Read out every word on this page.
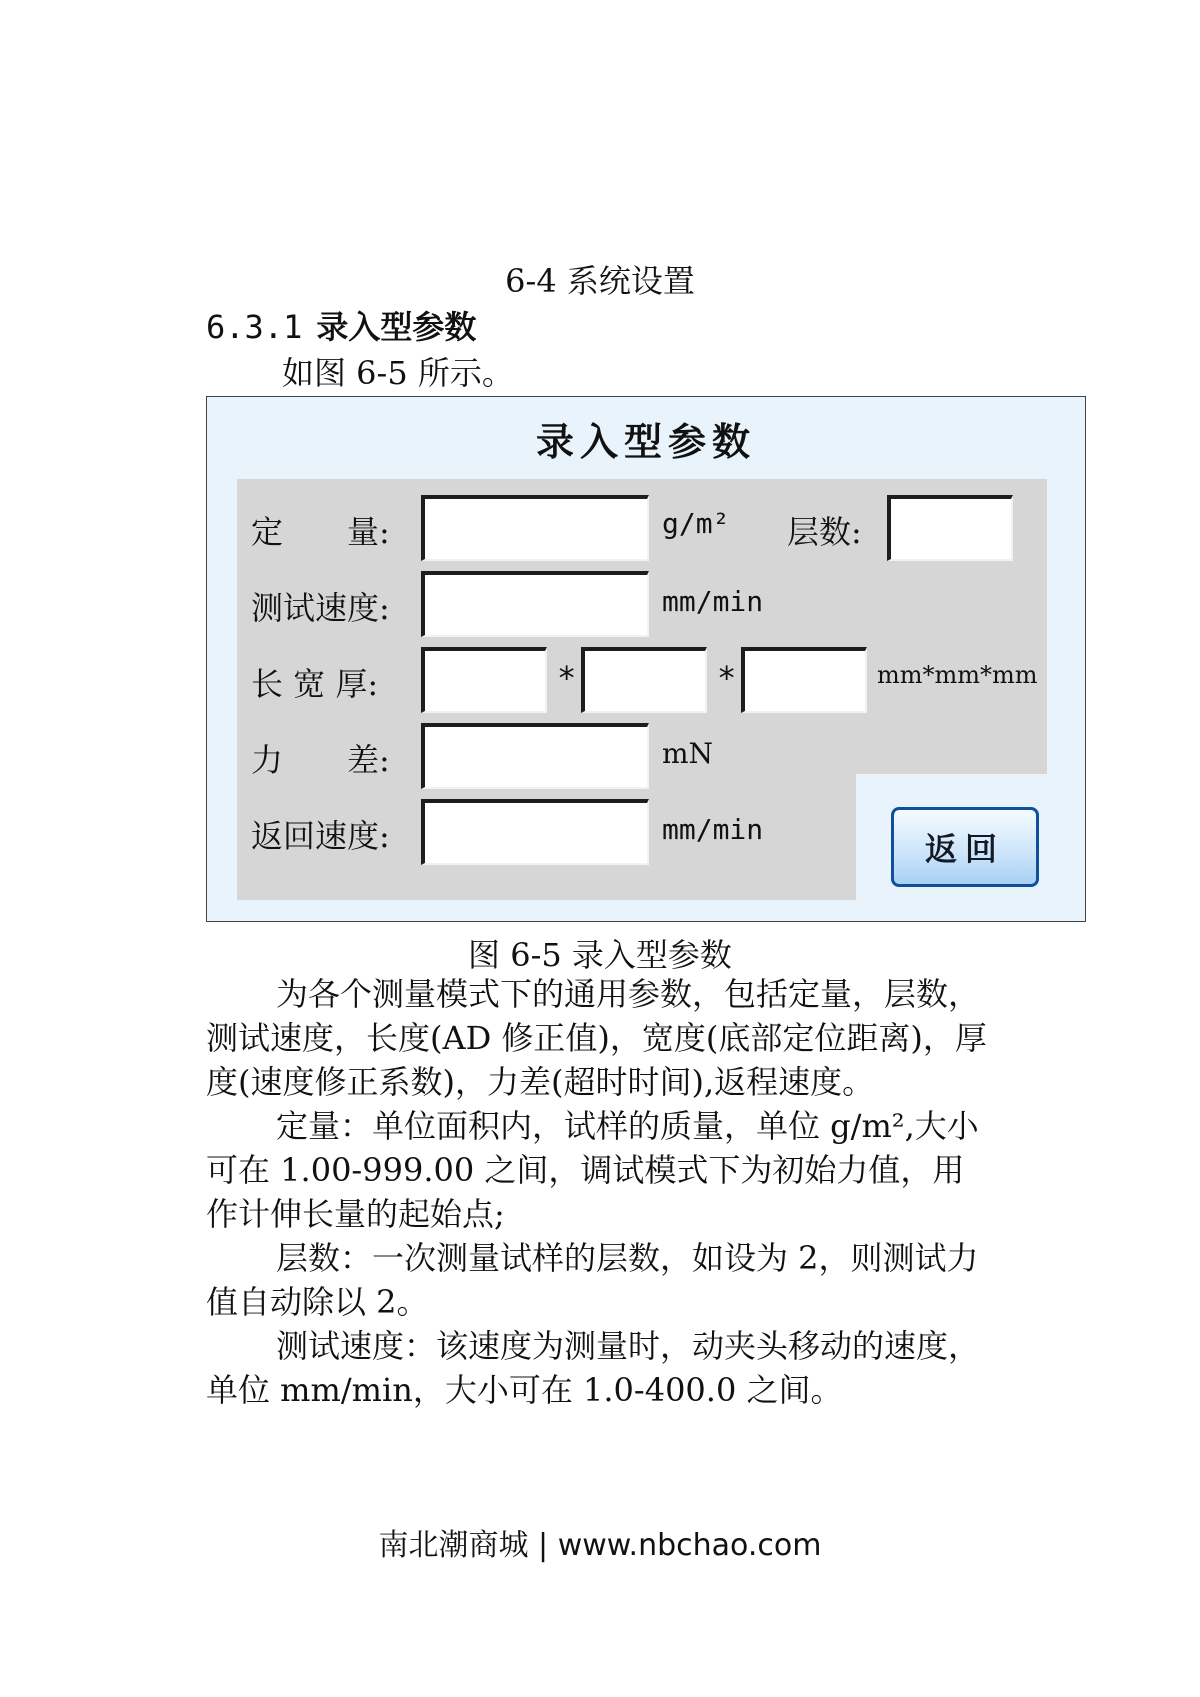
6-4 系统设置
6.3.1 录入型参数
如图 6-5 所示。
录入型参数
定　　量:	g/m² 层数:
测试速度:	mm/min
长 宽 厚:	*	*	mm*mm*mm
力　　差:	mN
返回速度:	mm/min
返回
图 6-5 录入型参数
为各个测量模式下的通用参数，包括定量，层数，测试速度，长度(AD 修正值)，宽度(底部定位距离)，厚度(速度修正系数)，力差(超时时间),返程速度。
定量：单位面积内，试样的质量，单位 g/m²,大小可在 1.00-999.00 之间，调试模式下为初始力值，用作计伸长量的起始点;
层数：一次测量试样的层数，如设为 2，则测试力值自动除以 2。
测试速度：该速度为测量时，动夹头移动的速度，单位 mm/min，大小可在 1.0-400.0 之间。
南北潮商城 | www.nbchao.com
